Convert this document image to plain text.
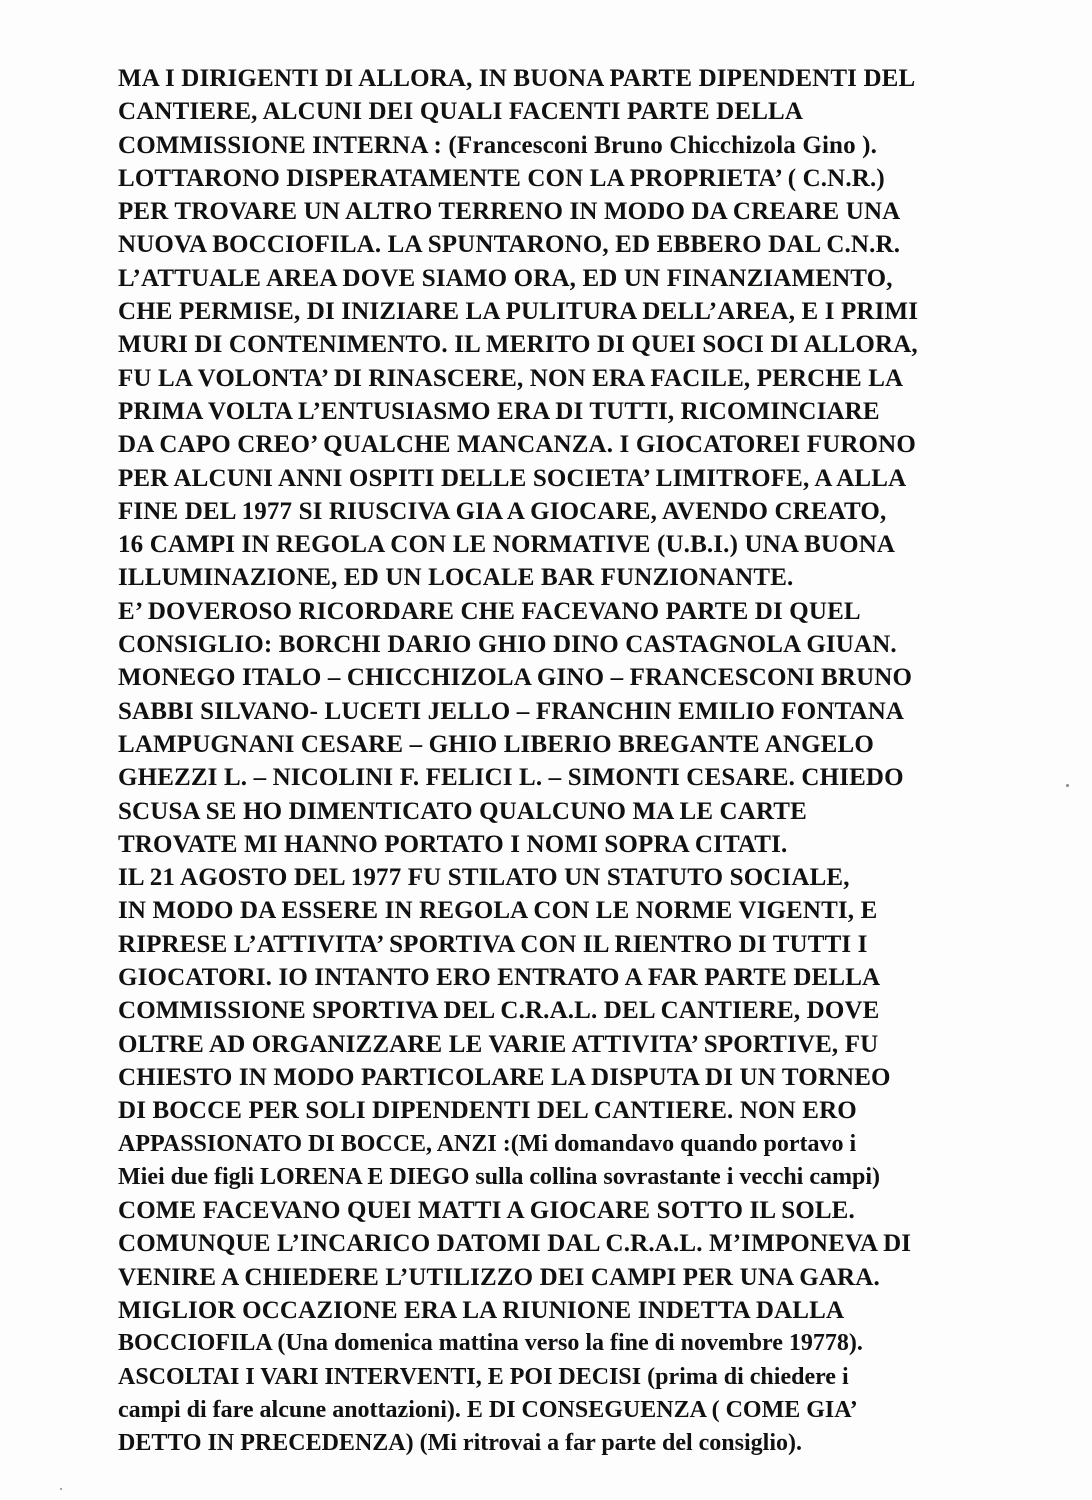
MA I DIRIGENTI DI ALLORA, IN BUONA PARTE DIPENDENTI DEL
CANTIERE, ALCUNI DEI QUALI FACENTI PARTE DELLA
COMMISSIONE INTERNA : (Francesconi Bruno Chicchizola Gino ).
LOTTARONO DISPERATAMENTE CON LA PROPRIETA’ ( C.N.R.)
PER TROVARE UN ALTRO TERRENO IN MODO DA CREARE UNA
NUOVA BOCCIOFILA. LA SPUNTARONO, ED EBBERO DAL C.N.R.
L’ATTUALE AREA DOVE SIAMO ORA, ED UN FINANZIAMENTO,
CHE PERMISE, DI INIZIARE LA PULITURA DELL’AREA, E I PRIMI
MURI DI CONTENIMENTO. IL MERITO DI QUEI SOCI DI ALLORA,
FU LA VOLONTA’ DI RINASCERE, NON ERA FACILE, PERCHE LA
PRIMA VOLTA L’ENTUSIASMO ERA DI TUTTI, RICOMINCIARE
DA CAPO CREO’ QUALCHE MANCANZA. I GIOCATOREI FURONO
PER ALCUNI ANNI OSPITI DELLE SOCIETA’ LIMITROFE, A ALLA
FINE DEL 1977 SI RIUSCIVA GIA A GIOCARE, AVENDO CREATO,
16 CAMPI IN REGOLA CON LE NORMATIVE (U.B.I.) UNA BUONA
ILLUMINAZIONE, ED UN LOCALE BAR FUNZIONANTE.
E’ DOVEROSO RICORDARE CHE FACEVANO PARTE DI QUEL
CONSIGLIO: BORCHI DARIO GHIO DINO CASTAGNOLA GIUAN.
MONEGO ITALO – CHICCHIZOLA GINO – FRANCESCONI BRUNO
SABBI SILVANO- LUCETI JELLO – FRANCHIN EMILIO FONTANA
LAMPUGNANI CESARE – GHIO LIBERIO BREGANTE ANGELO
GHEZZI L. – NICOLINI F. FELICI L. – SIMONTI CESARE. CHIEDO
SCUSA SE HO DIMENTICATO QUALCUNO MA LE CARTE
TROVATE MI HANNO PORTATO I NOMI SOPRA CITATI.
IL 21 AGOSTO DEL 1977 FU STILATO UN STATUTO SOCIALE,
IN MODO DA ESSERE IN REGOLA CON LE NORME VIGENTI, E
RIPRESE L’ATTIVITA’ SPORTIVA CON IL RIENTRO DI TUTTI I
GIOCATORI. IO INTANTO ERO ENTRATO A FAR PARTE DELLA
COMMISSIONE SPORTIVA DEL C.R.A.L. DEL CANTIERE, DOVE
OLTRE AD ORGANIZZARE LE VARIE ATTIVITA’ SPORTIVE, FU
CHIESTO IN MODO PARTICOLARE LA DISPUTA DI UN TORNEO
DI BOCCE PER SOLI DIPENDENTI DEL CANTIERE. NON ERO
APPASSIONATO DI BOCCE, ANZI :(Mi domandavo quando portavo i
Miei due figli LORENA E DIEGO sulla collina sovrastante i vecchi campi)
COME FACEVANO QUEI MATTI A GIOCARE SOTTO IL SOLE.
COMUNQUE L’INCARICO DATOMI DAL C.R.A.L. M’IMPONEVA DI
VENIRE A CHIEDERE L’UTILIZZO DEI CAMPI PER UNA GARA.
MIGLIOR OCCAZIONE ERA LA RIUNIONE INDETTA DALLA
BOCCIOFILA (Una domenica mattina verso la fine di novembre 19778).
ASCOLTAI I VARI INTERVENTI, E POI DECISI (prima di chiedere i
campi di fare alcune anottazioni). E DI CONSEGUENZA ( COME GIA’
DETTO IN PRECEDENZA) (Mi ritrovai a far parte del consiglio).
